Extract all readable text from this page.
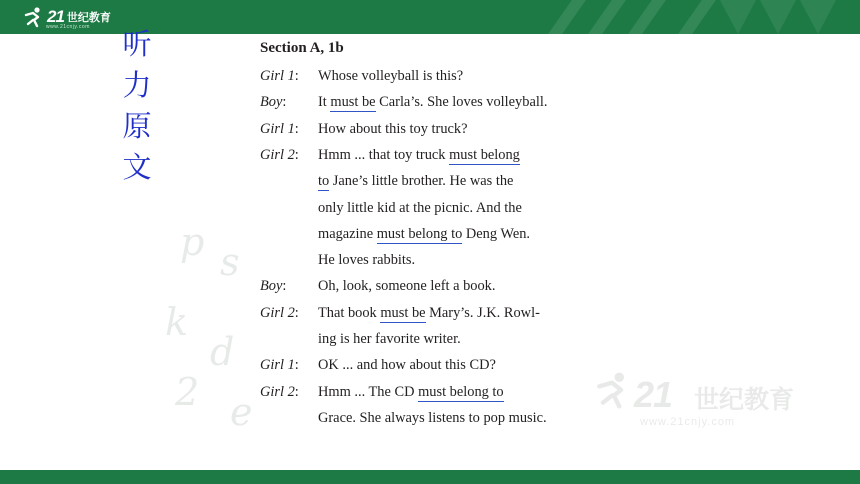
21 世纪教育
www.21cnjy.com
p s
k
d
2 e
听
力
原
文
21 世纪教育
www.21cnjy.com
Section A, 1b
Girl 1: Whose volleyball is this?
Boy: It must be Carla’s. She loves volleyball.
Girl 1: How about this toy truck?
Girl 2: Hmm ... that toy truck must belong
to Jane’s little brother. He was the
only little kid at the picnic. And the
magazine must belong to Deng Wen.
He loves rabbits.
Boy: Oh, look, someone left a book.
Girl 2: That book must be Mary’s. J.K. Rowl-
ing is her favorite writer.
Girl 1: OK ... and how about this CD?
Girl 2: Hmm ... The CD must belong to
Grace. She always listens to pop music.
